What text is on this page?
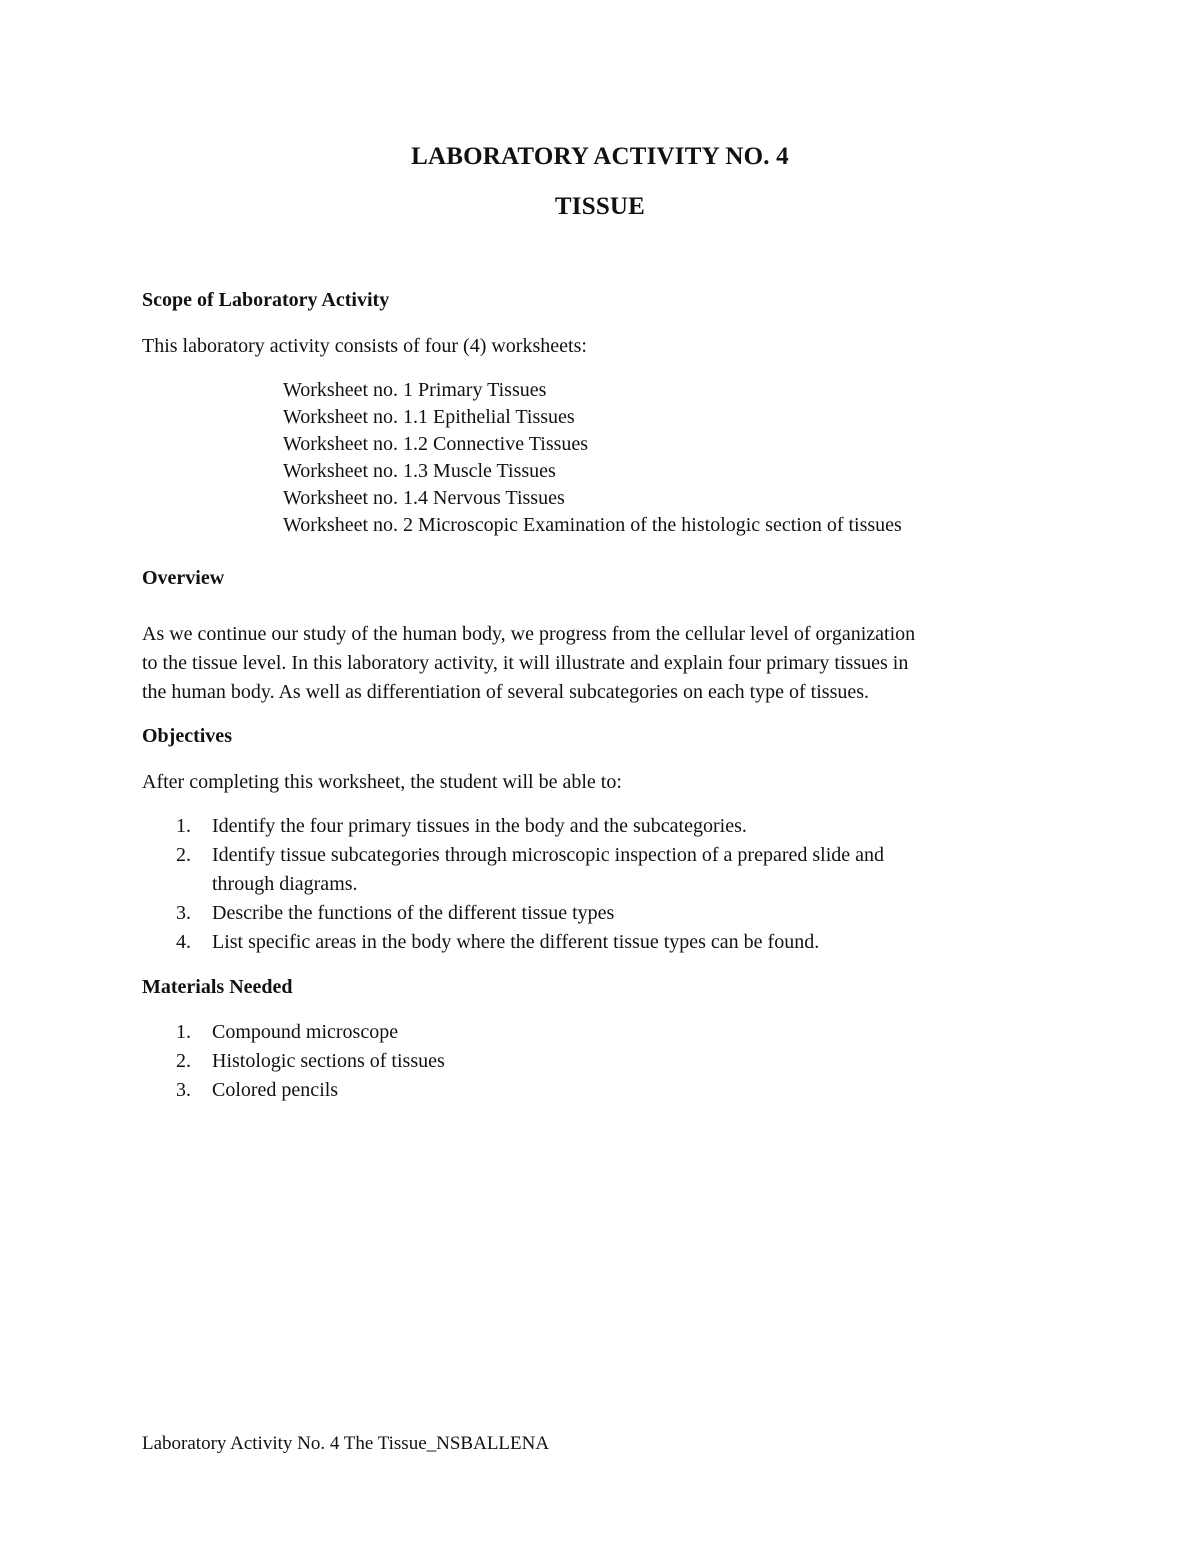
LABORATORY ACTIVITY NO. 4
TISSUE
Scope of Laboratory Activity
This laboratory activity consists of four (4) worksheets:
Worksheet no. 1 Primary Tissues
Worksheet no. 1.1 Epithelial Tissues
Worksheet no. 1.2 Connective Tissues
Worksheet no. 1.3 Muscle Tissues
Worksheet no. 1.4 Nervous Tissues
Worksheet no. 2 Microscopic Examination of the histologic section of tissues
Overview
As we continue our study of the human body, we progress from the cellular level of organization
to the tissue level. In this laboratory activity, it will illustrate and explain four primary tissues in
the human body. As well as differentiation of several subcategories on each type of tissues.
Objectives
After completing this worksheet, the student will be able to:
1.	Identify the four primary tissues in the body and the subcategories.
2.	Identify tissue subcategories through microscopic inspection of a prepared slide and
through diagrams.
3.	Describe the functions of the different tissue types
4.	List specific areas in the body where the different tissue types can be found.
Materials Needed
1.	Compound microscope
2.	Histologic sections of tissues
3.	Colored pencils
Laboratory Activity No. 4 The Tissue_NSBALLENA
